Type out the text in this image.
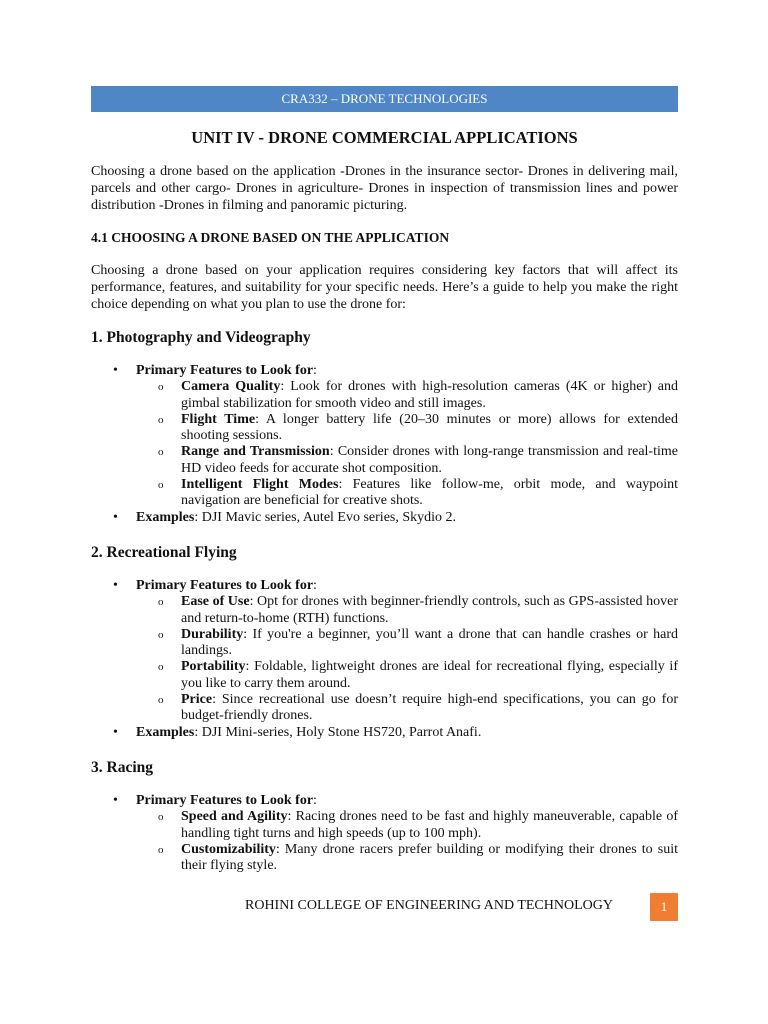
CRA332 – DRONE TECHNOLOGIES
UNIT IV - DRONE COMMERCIAL APPLICATIONS
Choosing a drone based on the application -Drones in the insurance sector- Drones in delivering mail, parcels and other cargo- Drones in agriculture- Drones in inspection of transmission lines and power distribution -Drones in filming and panoramic picturing.
4.1 CHOOSING A DRONE BASED ON THE APPLICATION
Choosing a drone based on your application requires considering key factors that will affect its performance, features, and suitability for your specific needs. Here’s a guide to help you make the right choice depending on what you plan to use the drone for:
1. Photography and Videography
• Primary Features to Look for:
o Camera Quality: Look for drones with high-resolution cameras (4K or higher) and gimbal stabilization for smooth video and still images.
o Flight Time: A longer battery life (20–30 minutes or more) allows for extended shooting sessions.
o Range and Transmission: Consider drones with long-range transmission and real-time HD video feeds for accurate shot composition.
o Intelligent Flight Modes: Features like follow-me, orbit mode, and waypoint navigation are beneficial for creative shots.
• Examples: DJI Mavic series, Autel Evo series, Skydio 2.
2. Recreational Flying
• Primary Features to Look for:
o Ease of Use: Opt for drones with beginner-friendly controls, such as GPS-assisted hover and return-to-home (RTH) functions.
o Durability: If you're a beginner, you’ll want a drone that can handle crashes or hard landings.
o Portability: Foldable, lightweight drones are ideal for recreational flying, especially if you like to carry them around.
o Price: Since recreational use doesn’t require high-end specifications, you can go for budget-friendly drones.
• Examples: DJI Mini-series, Holy Stone HS720, Parrot Anafi.
3. Racing
• Primary Features to Look for:
o Speed and Agility: Racing drones need to be fast and highly maneuverable, capable of handling tight turns and high speeds (up to 100 mph).
o Customizability: Many drone racers prefer building or modifying their drones to suit their flying style.
ROHINI COLLEGE OF ENGINEERING AND TECHNOLOGY	1
